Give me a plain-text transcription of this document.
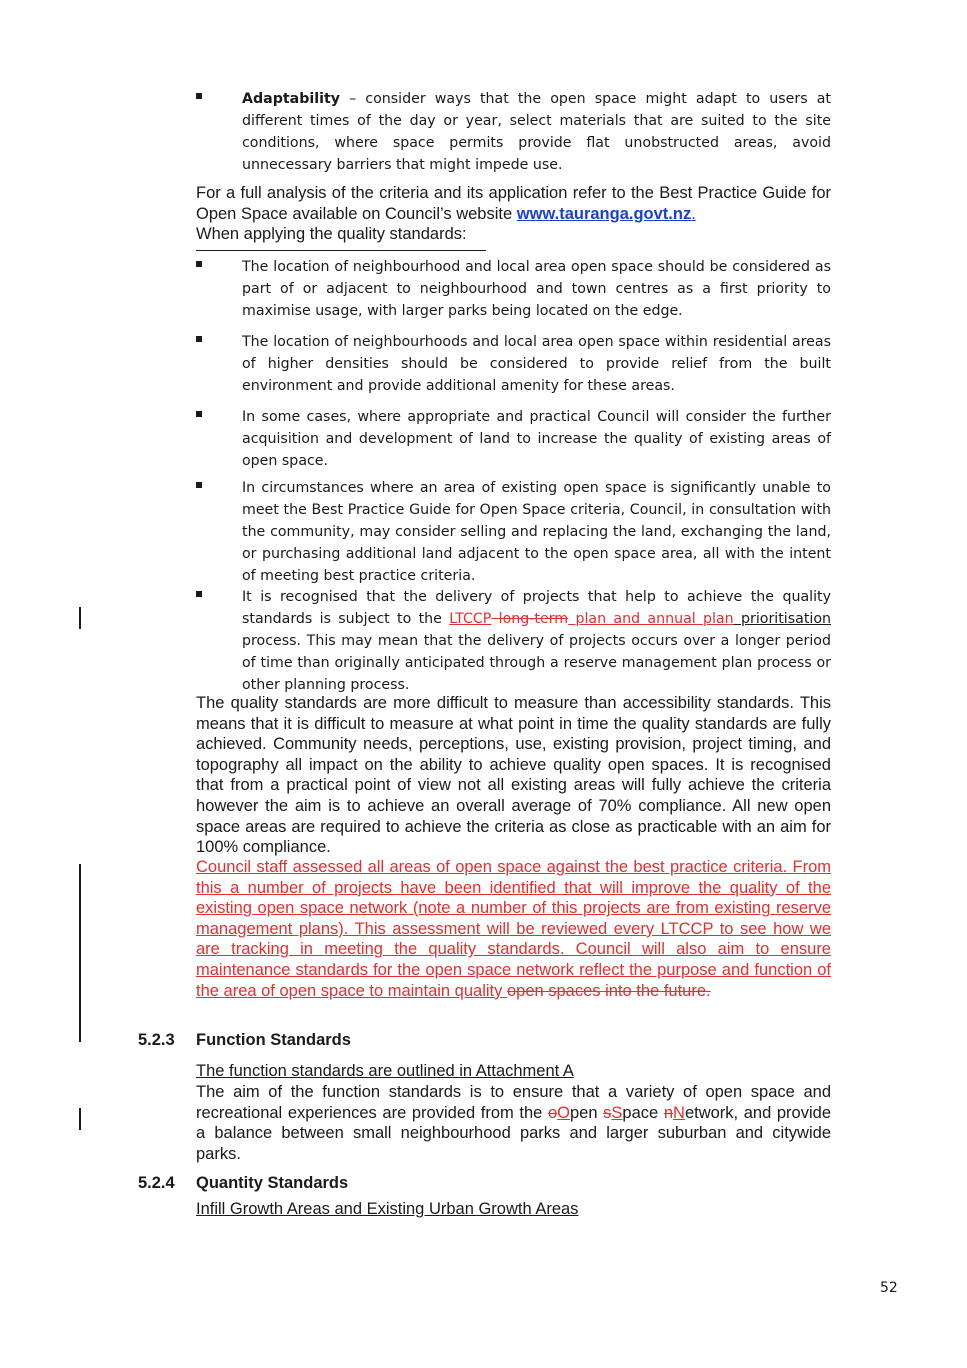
Adaptability – consider ways that the open space might adapt to users at different times of the day or year, select materials that are suited to the site conditions, where space permits provide flat unobstructed areas, avoid unnecessary barriers that might impede use.
For a full analysis of the criteria and its application refer to the Best Practice Guide for Open Space available on Council’s website www.tauranga.govt.nz.
When applying the quality standards:
The location of neighbourhood and local area open space should be considered as part of or adjacent to neighbourhood and town centres as a first priority to maximise usage, with larger parks being located on the edge.
The location of neighbourhoods and local area open space within residential areas of higher densities should be considered to provide relief from the built environment and provide additional amenity for these areas.
In some cases, where appropriate and practical Council will consider the further acquisition and development of land to increase the quality of existing areas of open space.
In circumstances where an area of existing open space is significantly unable to meet the Best Practice Guide for Open Space criteria, Council, in consultation with the community, may consider selling and replacing the land, exchanging the land, or purchasing additional land adjacent to the open space area, all with the intent of meeting best practice criteria.
It is recognised that the delivery of projects that help to achieve the quality standards is subject to the LTCCP long-term plan and annual plan prioritisation process. This may mean that the delivery of projects occurs over a longer period of time than originally anticipated through a reserve management plan process or other planning process.
The quality standards are more difficult to measure than accessibility standards. This means that it is difficult to measure at what point in time the quality standards are fully achieved. Community needs, perceptions, use, existing provision, project timing, and topography all impact on the ability to achieve quality open spaces. It is recognised that from a practical point of view not all existing areas will fully achieve the criteria however the aim is to achieve an overall average of 70% compliance. All new open space areas are required to achieve the criteria as close as practicable with an aim for 100% compliance.
Council staff assessed all areas of open space against the best practice criteria. From this a number of projects have been identified that will improve the quality of the existing open space network (note a number of this projects are from existing reserve management plans). This assessment will be reviewed every LTCCP to see how we are tracking in meeting the quality standards. Council will also aim to ensure maintenance standards for the open space network reflect the purpose and function of the area of open space to maintain quality open spaces into the future.
5.2.3 Function Standards
The function standards are outlined in Attachment A
The aim of the function standards is to ensure that a variety of open space and recreational experiences are provided from the oOpen sSpace nNetwork, and provide a balance between small neighbourhood parks and larger suburban and citywide parks.
5.2.4 Quantity Standards
Infill Growth Areas and Existing Urban Growth Areas
52
